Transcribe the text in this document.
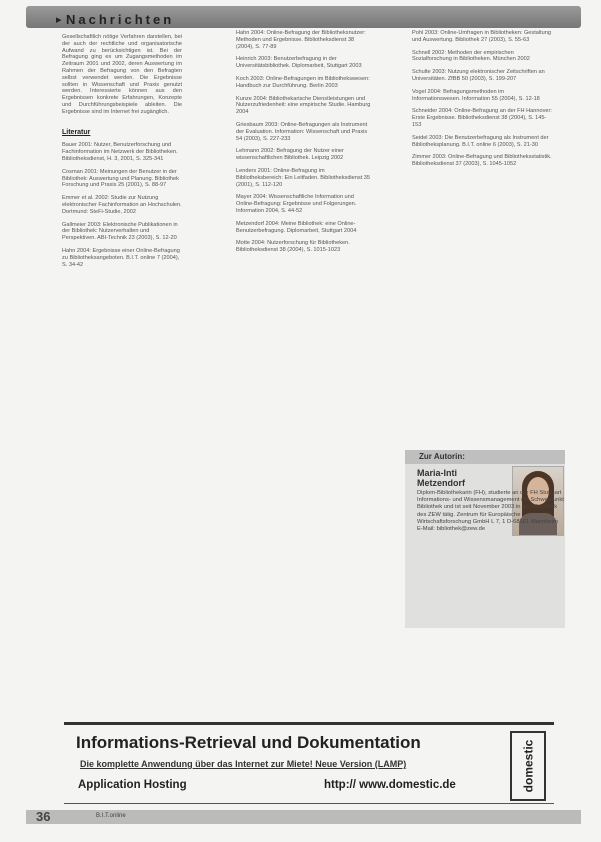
▸ Nachrichten

Gesellschaftlich nötige Verfahren darstellen, bei der auch der rechtliche und organisatorische Aufwand zu berücksichtigen ist. Bei der Befragung ging es um Zugangsmethoden im Zeitraum 2001 und 2002, deren Auswertung im Rahmen der Befragung von den Befragten selbst verwendet werden. Die Ergebnisse sollten in Wissenschaft und Praxis genutzt werden. Interessierte können aus den Ergebnissen konkrete Erfahrungen, Konzepte und Durchführungsbeispiele ableiten. Die Ergebnisse sind im Internet frei zugänglich.

Literatur
Bauer 2001: Nutzer, Benutzerforschung und Fachinformation im Netzwerk der Bibliotheken. Bibliotheksdienst, H. 3, 2001, S. 325-341
Cosman 2001: Meinungen der Benutzer in der Bibliothek: Auswertung und Planung. Bibliothek Forschung und Praxis 25 (2001), S. 88-97
Emmer et al. 2002: Studie zur Nutzung elektronischer Fachinformation an Hochschulen. Dortmund: SteFi-Studie, 2002
Gallmeier 2003: Elektronische Publikationen in der Bibliothek: Nutzerverhalten und Perspektiven. ABI-Technik 23 (2003), S. 12-20
Hahn 2004: Ergebnisse einer Online-Befragung zu Bibliotheksangeboten. B.I.T. online 7 (2004), S. 34-42
Hahn 2004: Online-Befragung der Bibliotheksnutzer: Methoden und Ergebnisse. Bibliotheksdienst 38 (2004), S. 77-89
Heinrich 2003: Benutzerbefragung in der Universitätsbibliothek. Diplomarbeit, Stuttgart 2003
Koch 2003: Online-Befragungen im Bibliothekswesen: Handbuch zur Durchführung. Berlin 2003
Kunze 2004: Bibliothekarische Dienstleistungen und Nutzerzufriedenheit: eine empirische Studie. Hamburg 2004
Griesbaum 2003: Online-Befragungen als Instrument der Evaluation. Information: Wissenschaft und Praxis 54 (2003), S. 227-233
Lehmann 2002: Befragung der Nutzer einer wissenschaftlichen Bibliothek. Leipzig 2002
Lenders 2001: Online-Befragung im Bibliotheksbereich: Ein Leitfaden. Bibliotheksdienst 35 (2001), S. 112-120
Mayer 2004: Wissenschaftliche Information und Online-Befragung: Ergebnisse und Folgerungen. Information 2004, S. 44-52
Metzendorf 2004: Meine Bibliothek: eine Online-Benutzerbefragung. Diplomarbeit, Stuttgart 2004
Motte 2004: Nutzerforschung für Bibliotheken. Bibliotheksdienst 38 (2004), S. 1015-1023
Pohl 2003: Online-Umfragen in Bibliotheken: Gestaltung und Auswertung. Bibliothek 27 (2003), S. 55-63
Schnell 2002: Methoden der empirischen Sozialforschung in Bibliotheken. München 2002
Schulte 2003: Nutzung elektronischer Zeitschriften an Universitäten. ZfBB 50 (2003), S. 199-207
Vogel 2004: Befragungsmethoden im Informationswesen. Information 55 (2004), S. 12-18
Schneider 2004: Online-Befragung an der FH Hannover: Erste Ergebnisse. Bibliotheksdienst 38 (2004), S. 145-153
Seidel 2003: Die Benutzerbefragung als Instrument der Bibliotheksplanung. B.I.T. online 6 (2003), S. 21-30
Zimmer 2003: Online-Befragung und Bibliotheksstatistik. Bibliotheksdienst 37 (2003), S. 1045-1052
Zur Autorin:
Maria-Inti Metzendorf
Diplom-Bibliothekarin (FH), studierte an der FH Stuttgart Informations- und Wissensmanagement mit Schwerpunkt Bibliothek und ist seit November 2003 in der Bibliothek des ZEW tätig. Zentrum für Europäische Wirtschaftsforschung GmbH L 7, 1 D-68161 Mannheim E-Mail: bibliothek@zew.de
Informations-Retrieval und Dokumentation
Die komplette Anwendung über das Internet zur Miete! Neue Version (LAMP)
Application Hosting	http:// www.domestic.de	domestic
36	B.I.T.online
